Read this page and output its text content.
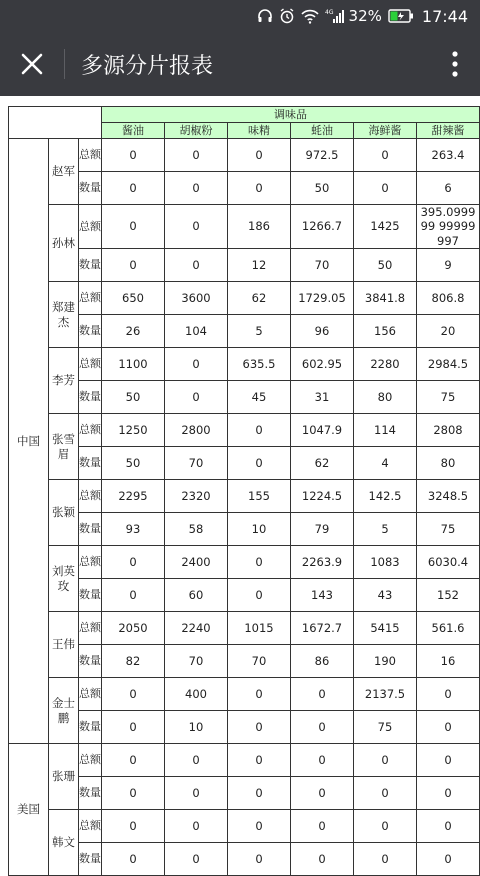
4G 32%	17:44
多源分片报表
			调味品					
			酱油	胡椒粉	味精	蚝油	海鲜酱	甜辣酱
中国	赵军	总额	0	0	0	972.5	0	263.4
		数量	0	0	0	50	0	6
	孙林	总额	0	0	186	1266.7	1425	395.099999 99999997
		数量	0	0	12	70	50	9
	郑建杰	总额	650	3600	62	1729.05	3841.8	806.8
		数量	26	104	5	96	156	20
	李芳	总额	1100	0	635.5	602.95	2280	2984.5
		数量	50	0	45	31	80	75
	张雪眉	总额	1250	2800	0	1047.9	114	2808
		数量	50	70	0	62	4	80
	张颖	总额	2295	2320	155	1224.5	142.5	3248.5
		数量	93	58	10	79	5	75
	刘英玫	总额	0	2400	0	2263.9	1083	6030.4
		数量	0	60	0	143	43	152
	王伟	总额	2050	2240	1015	1672.7	5415	561.6
		数量	82	70	70	86	190	16
	金士鹏	总额	0	400	0	0	2137.5	0
		数量	0	10	0	0	75	0
美国	张珊	总额	0	0	0	0	0	0
		数量	0	0	0	0	0	0
	韩文	总额	0	0	0	0	0	0
		数量	0	0	0	0	0	0
